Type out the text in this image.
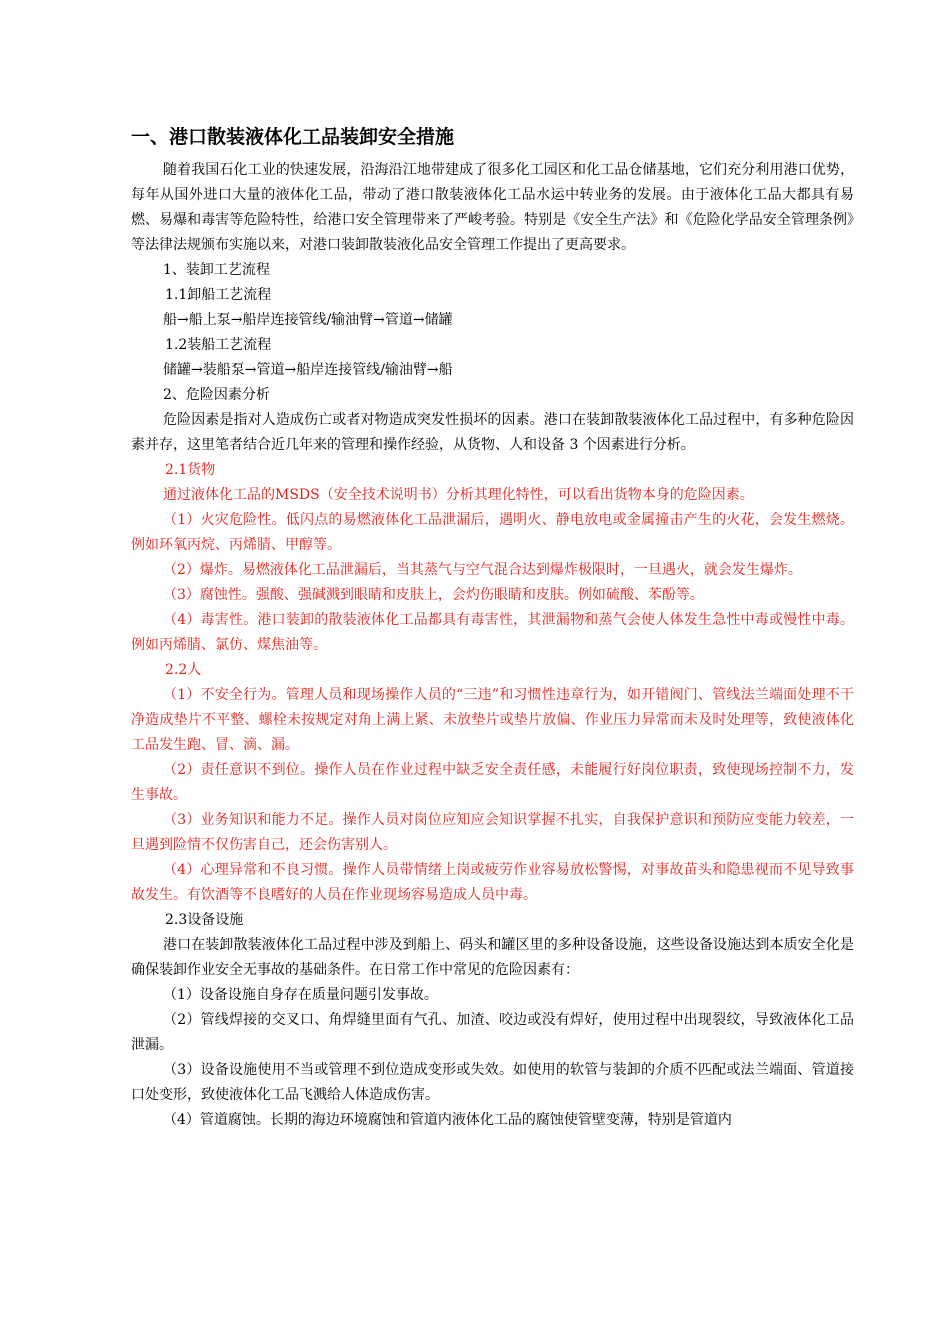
一、港口散装液体化工品装卸安全措施

随着我国石化工业的快速发展，沿海沿江地带建成了很多化工园区和化工品仓储基地，它们充分利用港口优势，每年从国外进口大量的液体化工品，带动了港口散装液体化工品水运中转业务的发展。由于液体化工品大都具有易燃、易爆和毒害等危险特性，给港口安全管理带来了严峻考验。特别是《安全生产法》和《危险化学品安全管理条例》等法律法规颁布实施以来，对港口装卸散装液化品安全管理工作提出了更高要求。

1、装卸工艺流程

1.1卸船工艺流程

船→船上泵→船岸连接管线/输油臂→管道→储罐

1.2装船工艺流程

储罐→装船泵→管道→船岸连接管线/输油臂→船

2、危险因素分析

危险因素是指对人造成伤亡或者对物造成突发性损坏的因素。港口在装卸散装液体化工品过程中，有多种危险因素并存，这里笔者结合近几年来的管理和操作经验，从货物、人和设备 3 个因素进行分析。

2.1货物

通过液体化工品的MSDS（安全技术说明书）分析其理化特性，可以看出货物本身的危险因素。

（1）火灾危险性。低闪点的易燃液体化工品泄漏后，遇明火、静电放电或金属撞击产生的火花，会发生燃烧。例如环氧丙烷、丙烯腈、甲醇等。

（2）爆炸。易燃液体化工品泄漏后，当其蒸气与空气混合达到爆炸极限时，一旦遇火，就会发生爆炸。

（3）腐蚀性。强酸、强碱溅到眼睛和皮肤上，会灼伤眼睛和皮肤。例如硫酸、苯酚等。

（4）毒害性。港口装卸的散装液体化工品都具有毒害性，其泄漏物和蒸气会使人体发生急性中毒或慢性中毒。例如丙烯腈、氯仿、煤焦油等。

2.2人

（1）不安全行为。管理人员和现场操作人员的“三违”和习惯性违章行为，如开错阀门、管线法兰端面处理不干净造成垫片不平整、螺栓未按规定对角上满上紧、未放垫片或垫片放偏、作业压力异常而未及时处理等，致使液体化工品发生跑、冒、滴、漏。

（2）责任意识不到位。操作人员在作业过程中缺乏安全责任感，未能履行好岗位职责，致使现场控制不力，发生事故。

（3）业务知识和能力不足。操作人员对岗位应知应会知识掌握不扎实，自我保护意识和预防应变能力较差，一旦遇到险情不仅伤害自己，还会伤害别人。

（4）心理异常和不良习惯。操作人员带情绪上岗或疲劳作业容易放松警惕，对事故苗头和隐患视而不见导致事故发生。有饮酒等不良嗜好的人员在作业现场容易造成人员中毒。

2.3设备设施

港口在装卸散装液体化工品过程中涉及到船上、码头和罐区里的多种设备设施，这些设备设施达到本质安全化是确保装卸作业安全无事故的基础条件。在日常工作中常见的危险因素有：

（1）设备设施自身存在质量问题引发事故。

（2）管线焊接的交叉口、角焊缝里面有气孔、加渣、咬边或没有焊好，使用过程中出现裂纹，导致液体化工品泄漏。

（3）设备设施使用不当或管理不到位造成变形或失效。如使用的软管与装卸的介质不匹配或法兰端面、管道接口处变形，致使液体化工品飞溅给人体造成伤害。

（4）管道腐蚀。长期的海边环境腐蚀和管道内液体化工品的腐蚀使管壁变薄，特别是管道内
